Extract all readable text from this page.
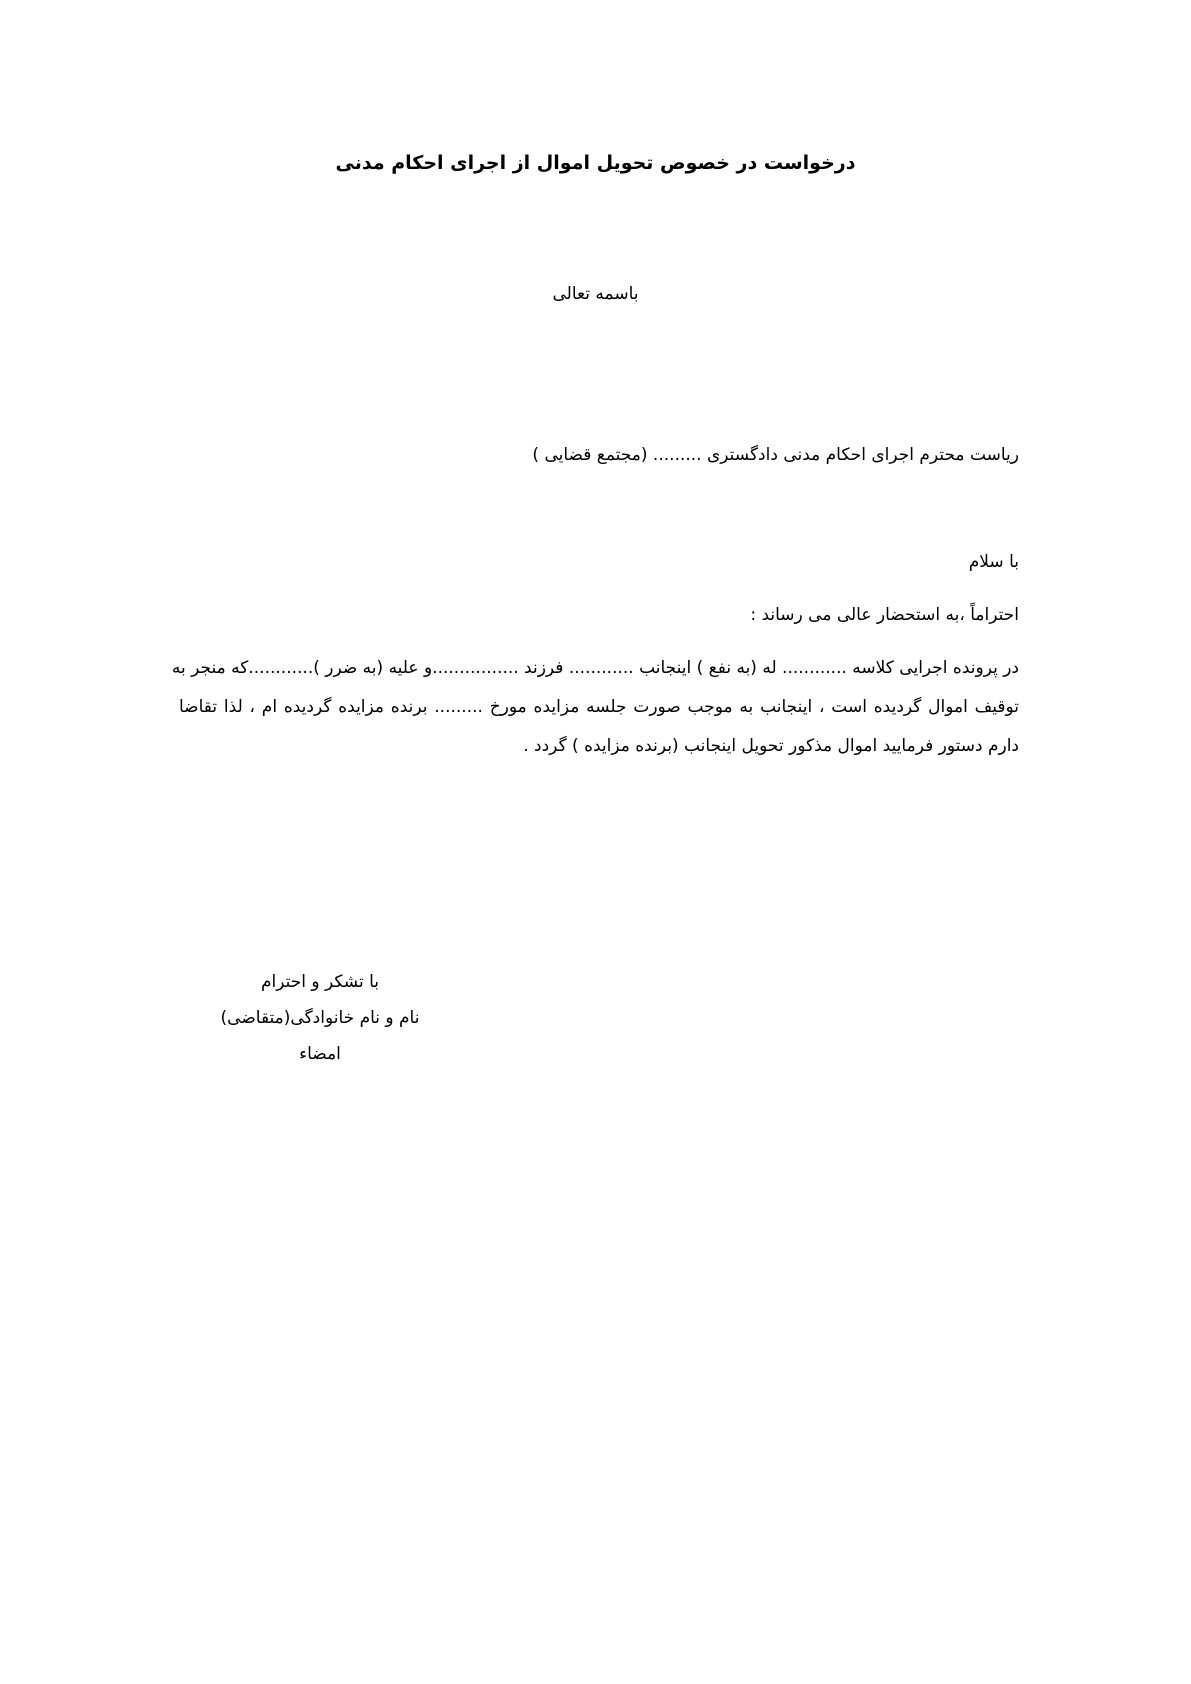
درخواست در خصوص تحویل اموال از اجرای احکام مدنی
باسمه تعالی
ریاست محترم اجرای احکام مدنی دادگستری ......... (مجتمع قضایی )
با سلام
احتراماً ،به استحضار عالی می رساند :
در پرونده اجرایی کلاسه ............ له (به نفع ) اینجانب ............ فرزند ................و علیه (به ضرر )............که منجر به
توقیف اموال گردیده است ، اینجانب به موجب صورت جلسه مزایده مورخ ......... برنده مزایده گردیده ام ، لذا تقاضا
دارم دستور فرمایید اموال مذکور تحویل اینجانب (برنده مزایده ) گردد .
با تشکر و احترام
نام و نام خانوادگی(متقاضی)
امضاء
